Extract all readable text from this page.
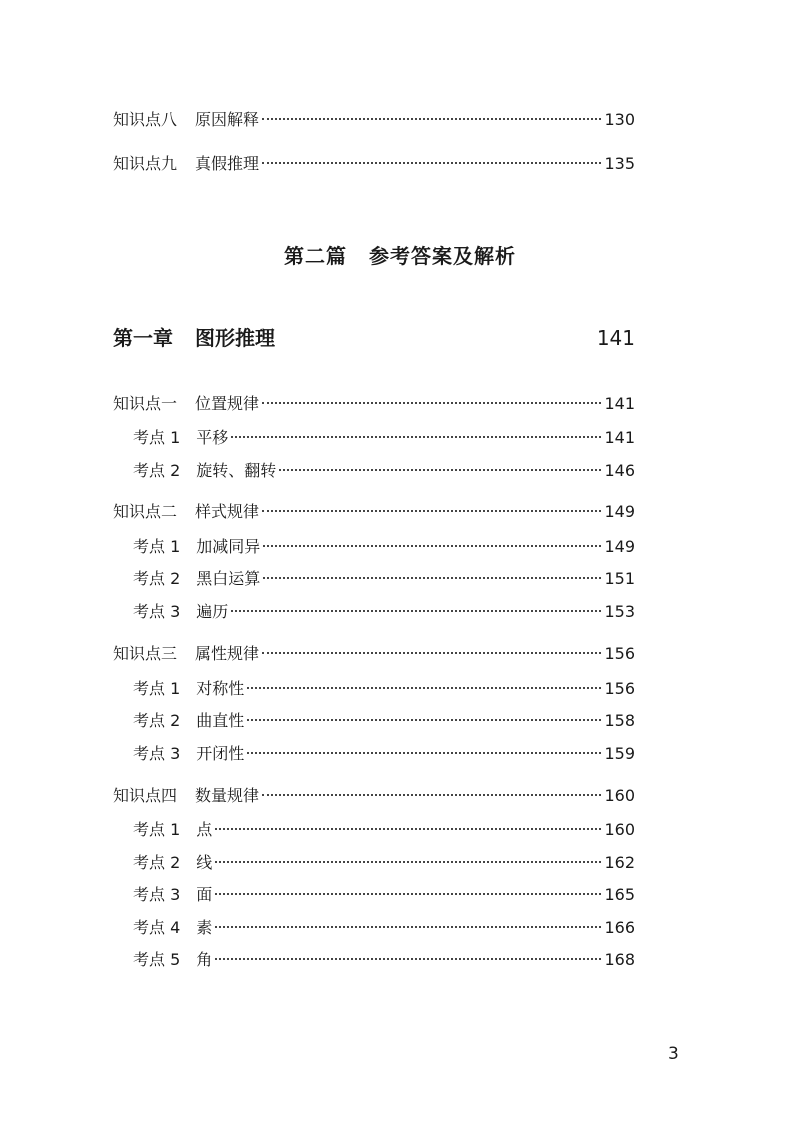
知识点八 原因解释	130
知识点九 真假推理	135
第二篇 参考答案及解析
第一章 图形推理	141
知识点一 位置规律	141
考点 1 平移	141
考点 2 旋转、翻转	146
知识点二 样式规律	149
考点 1 加减同异	149
考点 2 黑白运算	151
考点 3 遍历	153
知识点三 属性规律	156
考点 1 对称性	156
考点 2 曲直性	158
考点 3 开闭性	159
知识点四 数量规律	160
考点 1 点	160
考点 2 线	162
考点 3 面	165
考点 4 素	166
考点 5 角	168
3
